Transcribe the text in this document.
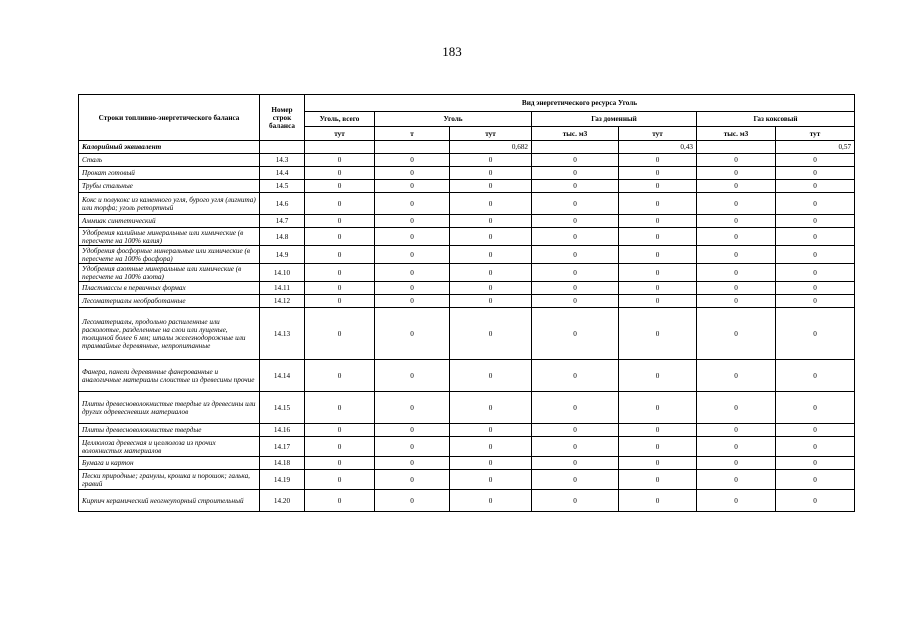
183
Строки топливно-энергетического баланса	Номер строк баланса	Вид энергетического ресурса Уголь						
		Уголь, всего	Уголь		Газ доменный		Газ коксовый	
		тут	т	тут	тыс. м3	тут	тыс. м3	тут
Калорийный эквивалент				0,682		0,43		0,57
Сталь	14.3	0	0	0	0	0	0	0
Прокат готовый	14.4	0	0	0	0	0	0	0
Трубы стальные	14.5	0	0	0	0	0	0	0
Кокс и полукокс из каменного угля, бурого угля (лигнита) или торфа; уголь ретортный	14.6	0	0	0	0	0	0	0
Аммиак синтетический	14.7	0	0	0	0	0	0	0
Удобрения калийные минеральные или химические (в пересчете на 100% калия)	14.8	0	0	0	0	0	0	0
Удобрения фосфорные минеральные или химические (в пересчете на 100% фосфора)	14.9	0	0	0	0	0	0	0
Удобрения азотные минеральные или химические (в пересчете на 100% азота)	14.10	0	0	0	0	0	0	0
Пластмассы в первичных формах	14.11	0	0	0	0	0	0	0
Лесоматериалы необработанные	14.12	0	0	0	0	0	0	0
Лесоматериалы, продольно распиленные или расколотые, разделенные на слои или лущеные, толщиной более 6 мм; шпалы железнодорожные или трамвайные деревянные, непропитанные	14.13	0	0	0	0	0	0	0
Фанера, панели деревянные фанерованные и аналогичные материалы слоистые из древесины прочие	14.14	0	0	0	0	0	0	0
Плиты древесноволокнистые твердые из древесины или других одревесневших материалов	14.15	0	0	0	0	0	0	0
Плиты древесноволокнистые твердые	14.16	0	0	0	0	0	0	0
Целлюлоза древесная и целлюлоза из прочих волокнистых материалов	14.17	0	0	0	0	0	0	0
Бумага и картон	14.18	0	0	0	0	0	0	0
Пески природные; гранулы, крошка и порошок; галька, гравий	14.19	0	0	0	0	0	0	0
Кирпич керамический неогнеупорный строительный	14.20	0	0	0	0	0	0	0
